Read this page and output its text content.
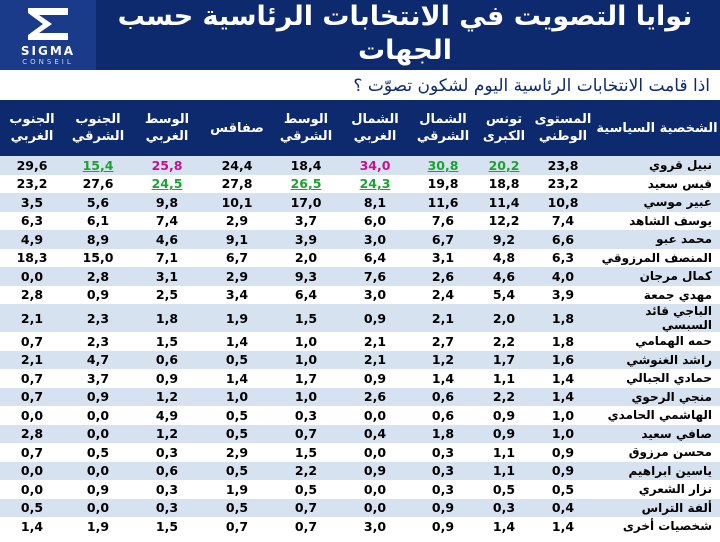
SIGMA
CONSEIL
نوايا التصويت في الانتخابات الرئاسية حسب الجهات
اذا قامت الانتخابات الرئاسية اليوم لشكون تصوّت ؟
الشخصية السياسية	المستوى الوطني	تونس الكبرى	الشمال الشرقي	الشمال الغربي	الوسط الشرقي	صفاقس	الوسط الغربي	الجنوب الشرقي	الجنوب الغربي
نبيل قروي	23,8	20,2	30,8	34,0	18,4	24,4	25,8	15,4	29,6
قيس سعيد	23,2	18,8	19,8	24,3	26,5	27,8	24,5	27,6	23,2
عبير موسي	10,8	11,4	11,6	8,1	17,0	10,1	9,8	5,6	3,5
يوسف الشاهد	7,4	12,2	7,6	6,0	3,7	2,9	7,4	6,1	6,3
محمد عبو	6,6	9,2	6,7	3,0	3,9	9,1	4,6	8,9	4,9
المنصف المرزوقي	6,3	4,8	3,1	6,4	2,0	6,7	7,1	15,0	18,3
كمال مرجان	4,0	4,6	2,6	7,6	9,3	2,9	3,1	2,8	0,0
مهدي جمعة	3,9	5,4	2,4	3,0	6,4	3,4	2,5	0,9	2,8
الباجي قائد السبسي	1,8	2,0	2,1	0,9	1,5	1,9	1,8	2,3	2,1
حمه الهمامي	1,8	2,2	2,7	2,1	1,0	1,4	1,5	2,3	0,7
راشد الغنوشي	1,6	1,7	1,2	2,1	1,0	0,5	0,6	4,7	2,1
حمادي الجبالي	1,4	1,1	1,4	0,9	1,7	1,4	0,9	3,7	0,7
منجي الرحوي	1,4	2,2	0,6	2,6	1,0	1,0	1,2	0,9	0,7
الهاشمي الحامدي	1,0	0,9	0,6	0,0	0,3	0,5	4,9	0,0	0,0
صافي سعيد	1,0	0,9	1,8	0,4	0,7	0,5	1,2	0,0	2,8
محسن مرزوق	0,9	1,1	0,3	0,0	1,5	2,9	0,3	0,5	0,7
ياسين ابراهيم	0,9	1,1	0,3	0,9	2,2	0,5	0,6	0,0	0,0
نزار الشعري	0,5	0,5	0,3	0,0	0,5	1,9	0,3	0,9	0,0
ألفة التراس	0,4	0,3	0,9	0,0	0,7	0,5	0,3	0,0	0,5
شخصيات أخرى	1,4	1,4	0,9	3,0	0,7	0,7	1,5	1,9	1,4
